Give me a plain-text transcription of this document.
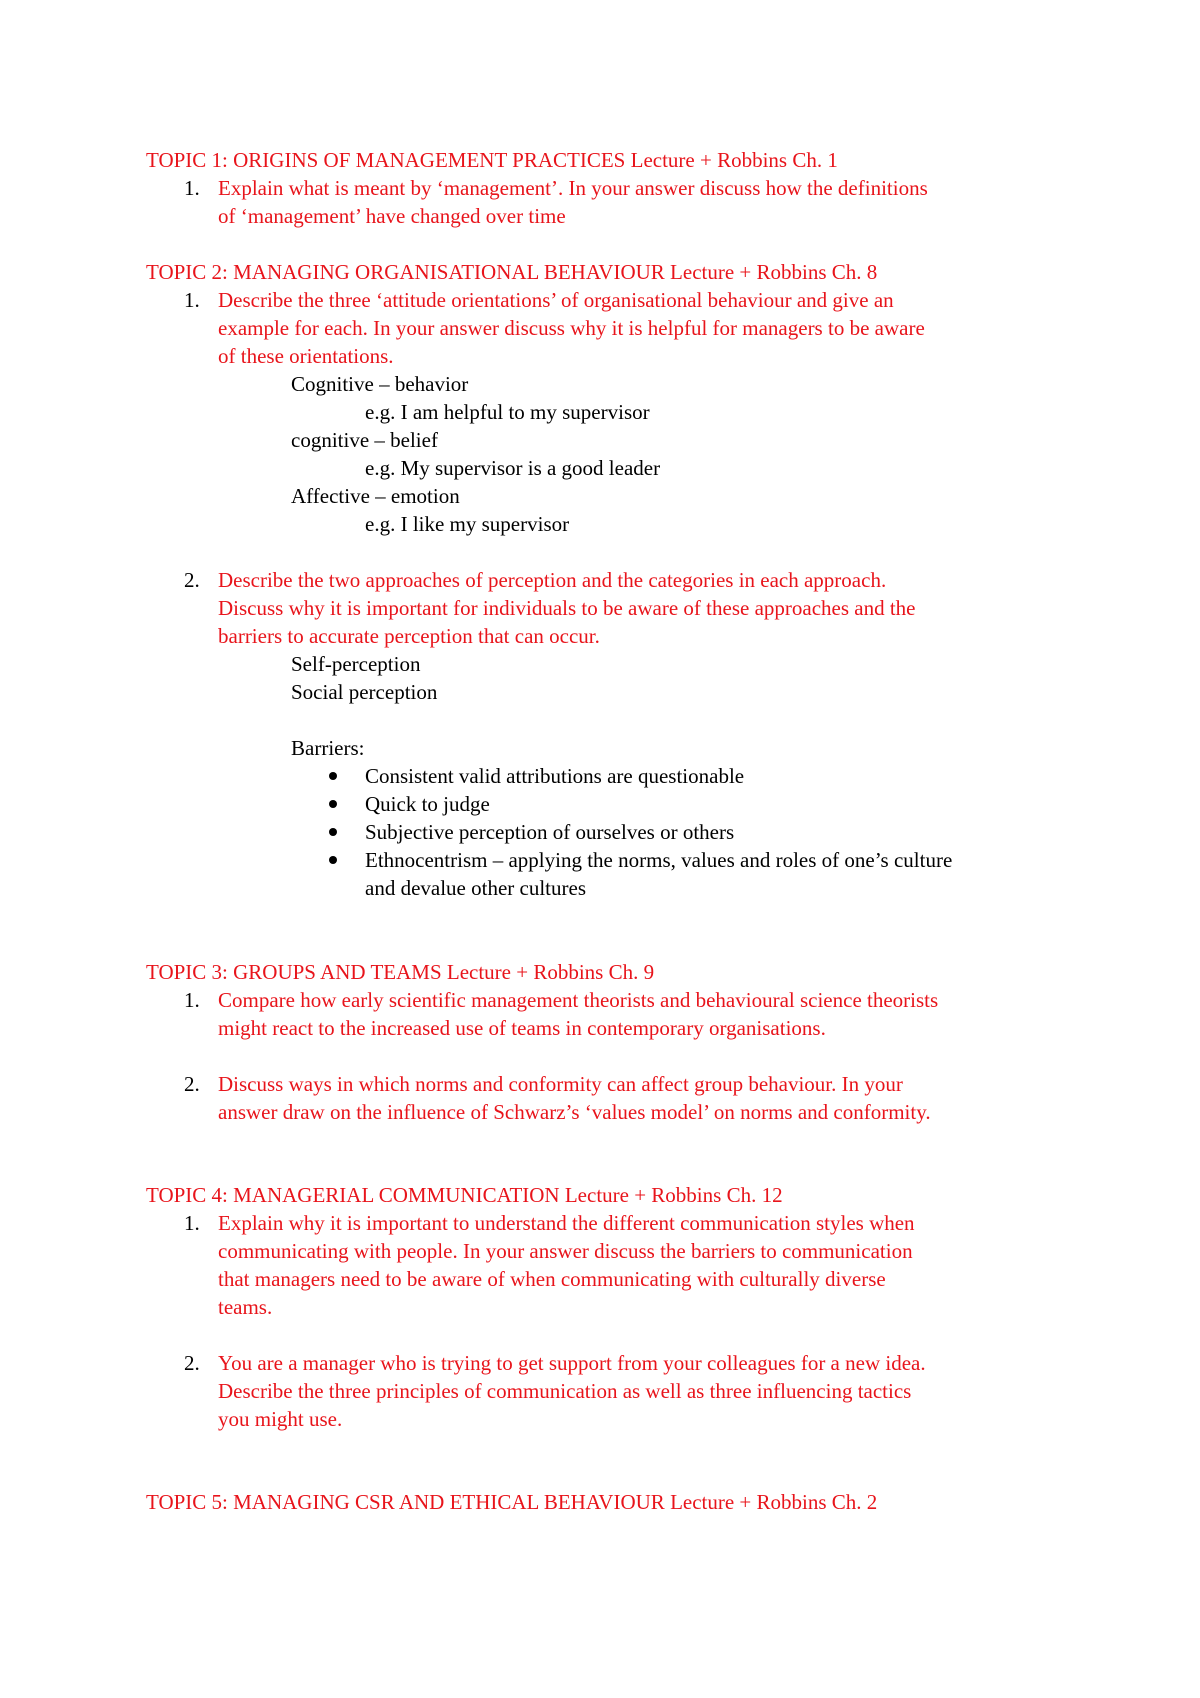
TOPIC 1: ORIGINS OF MANAGEMENT PRACTICES Lecture + Robbins Ch. 1
1. Explain what is meant by ‘management’. In your answer discuss how the definitions
of ‘management’ have changed over time
TOPIC 2: MANAGING ORGANISATIONAL BEHAVIOUR Lecture + Robbins Ch. 8
1. Describe the three ‘attitude orientations’ of organisational behaviour and give an
example for each. In your answer discuss why it is helpful for managers to be aware
of these orientations.
Cognitive – behavior
e.g. I am helpful to my supervisor
cognitive – belief
e.g. My supervisor is a good leader
Affective – emotion
e.g. I like my supervisor
2. Describe the two approaches of perception and the categories in each approach.
Discuss why it is important for individuals to be aware of these approaches and the
barriers to accurate perception that can occur.
Self-perception
Social perception
Barriers:
Consistent valid attributions are questionable
Quick to judge
Subjective perception of ourselves or others
Ethnocentrism – applying the norms, values and roles of one’s culture
and devalue other cultures
TOPIC 3: GROUPS AND TEAMS Lecture + Robbins Ch. 9
1. Compare how early scientific management theorists and behavioural science theorists
might react to the increased use of teams in contemporary organisations.
2. Discuss ways in which norms and conformity can affect group behaviour. In your
answer draw on the influence of Schwarz’s ‘values model’ on norms and conformity.
TOPIC 4: MANAGERIAL COMMUNICATION Lecture + Robbins Ch. 12
1. Explain why it is important to understand the different communication styles when
communicating with people. In your answer discuss the barriers to communication
that managers need to be aware of when communicating with culturally diverse
teams.
2. You are a manager who is trying to get support from your colleagues for a new idea.
Describe the three principles of communication as well as three influencing tactics
you might use.
TOPIC 5: MANAGING CSR AND ETHICAL BEHAVIOUR Lecture + Robbins Ch. 2
